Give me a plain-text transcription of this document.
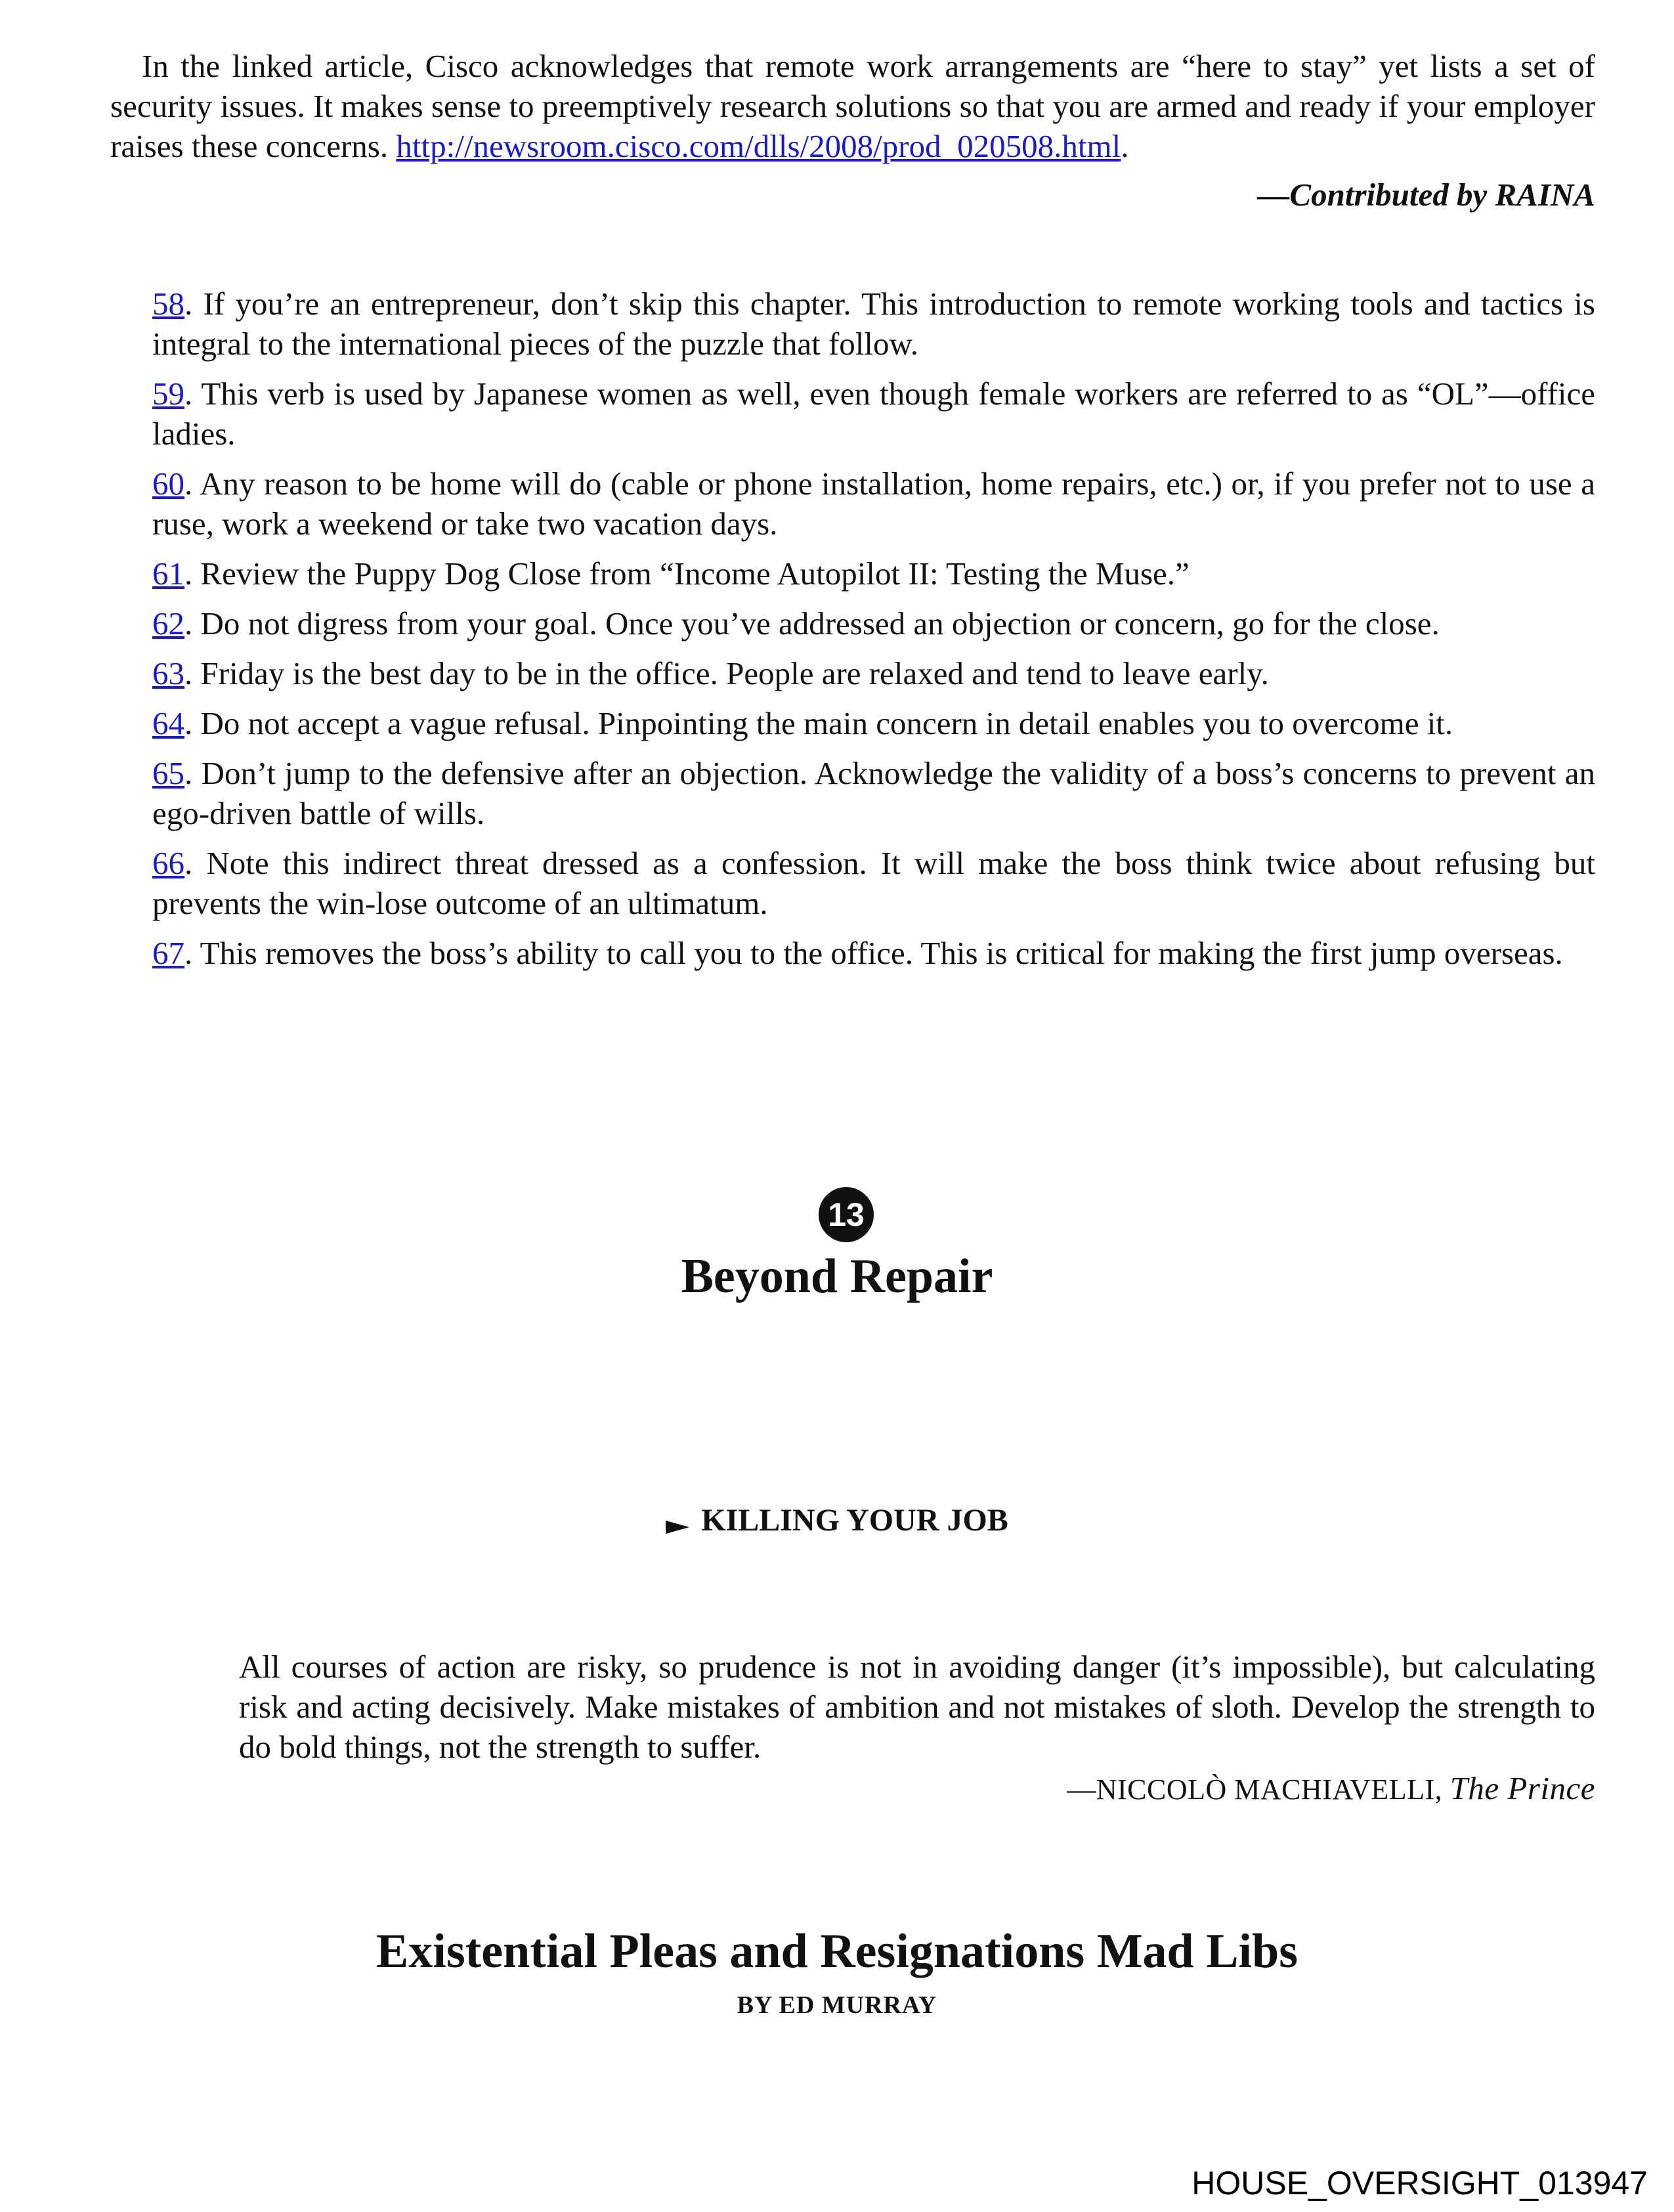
In the linked article, Cisco acknowledges that remote work arrangements are “here to stay” yet lists a set of security issues. It makes sense to preemptively research solutions so that you are armed and ready if your employer raises these concerns. http://newsroom.cisco.com/dlls/2008/prod_020508.html.

—Contributed by RAINA

58. If you’re an entrepreneur, don’t skip this chapter. This introduction to remote working tools and tactics is integral to the international pieces of the puzzle that follow.

59. This verb is used by Japanese women as well, even though female workers are referred to as “OL”—office ladies.

60. Any reason to be home will do (cable or phone installation, home repairs, etc.) or, if you prefer not to use a ruse, work a weekend or take two vacation days.

61. Review the Puppy Dog Close from “Income Autopilot II: Testing the Muse.”

62. Do not digress from your goal. Once you’ve addressed an objection or concern, go for the close.

63. Friday is the best day to be in the office. People are relaxed and tend to leave early.

64. Do not accept a vague refusal. Pinpointing the main concern in detail enables you to overcome it.

65. Don’t jump to the defensive after an objection. Acknowledge the validity of a boss’s concerns to prevent an ego-driven battle of wills.

66. Note this indirect threat dressed as a confession. It will make the boss think twice about refusing but prevents the win-lose outcome of an ultimatum.

67. This removes the boss’s ability to call you to the office. This is critical for making the first jump overseas.

13
Beyond Repair
KILLING YOUR JOB

All courses of action are risky, so prudence is not in avoiding danger (it’s impossible), but calculating risk and acting decisively. Make mistakes of ambition and not mistakes of sloth. Develop the strength to do bold things, not the strength to suffer.

—NICCOLÒ MACHIAVELLI, The Prince

Existential Pleas and Resignations Mad Libs

BY ED MURRAY

HOUSE_OVERSIGHT_013947
